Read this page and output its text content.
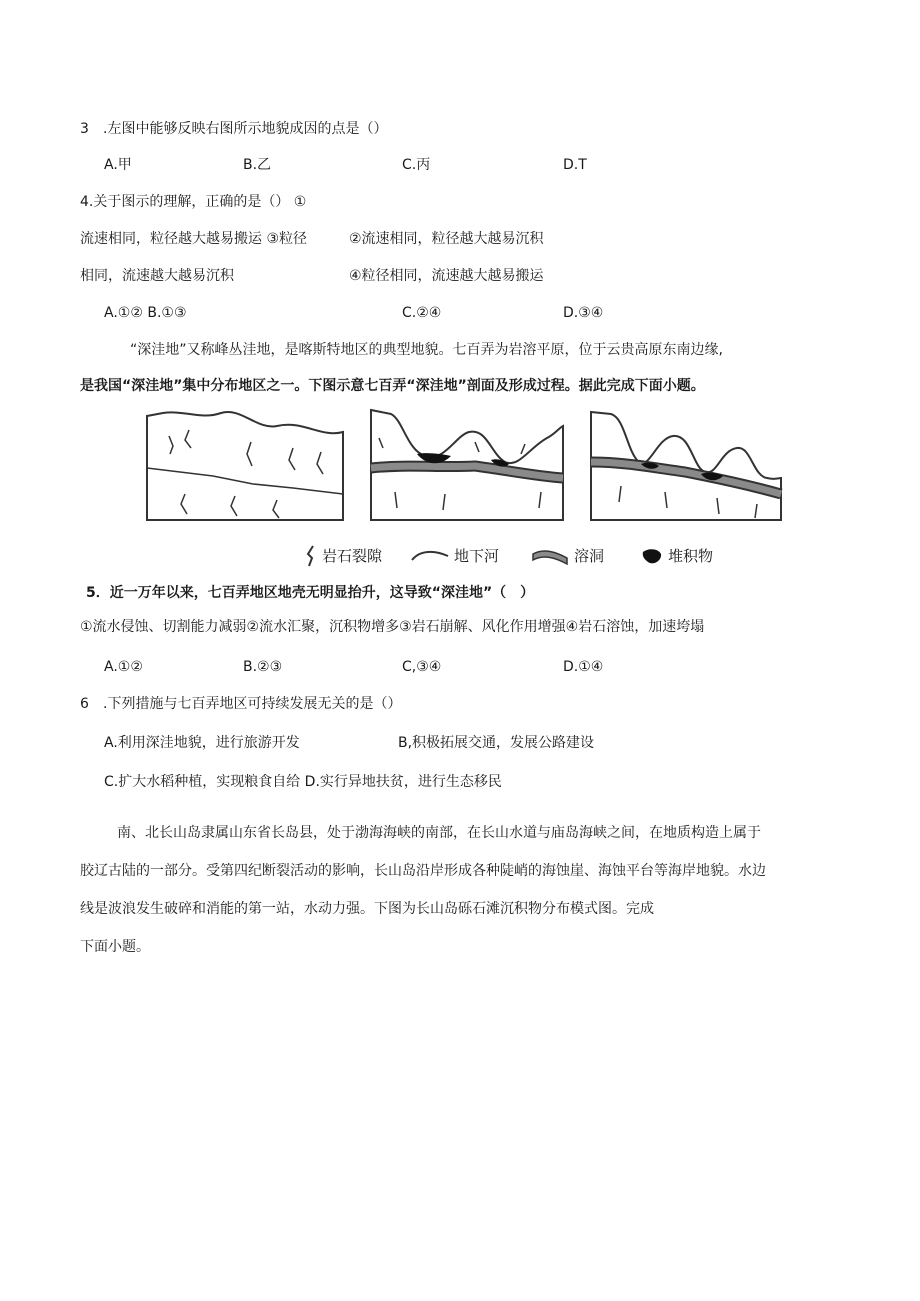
3 .左图中能够反映右图所示地貌成因的点是（）
A.甲	B.乙	C.丙	D.T
4.关于图示的理解，正确的是（） ①
流速相同，粒径越大越易搬运 ③粒径	②流速相同，粒径越大越易沉积
相同，流速越大越易沉积	④粒径相同，流速越大越易搬运
A.①② B.①③	C.②④	D.③④
“深洼地”又称峰丛洼地，是喀斯特地区的典型地貌。七百弄为岩溶平原，位于云贵高原东南边缘,
是我国“深洼地”集中分布地区之一。下图示意七百弄“深洼地”剖面及形成过程。据此完成下面小题。
岩石裂隙	地下河	溶洞	堆积物
5．近一万年以来，七百弄地区地壳无明显抬升，这导致“深洼地”（　）
①流水侵蚀、切割能力减弱②流水汇聚，沉积物增多③岩石崩解、风化作用增强④岩石溶蚀，加速垮塌
A.①②	B.②③	C,③④	D.①④
6 .下列措施与七百弄地区可持续发展无关的是（）
A.利用深洼地貌，进行旅游开发	B,积极拓展交通，发展公路建设
C.扩大水稻种植，实现粮食自给 D.实行异地扶贫，进行生态移民
南、北长山岛隶属山东省长岛县，处于渤海海峡的南部，在长山水道与庙岛海峡之间，在地质构造上属于
胶辽古陆的一部分。受第四纪断裂活动的影响，长山岛沿岸形成各种陡峭的海蚀崖、海蚀平台等海岸地貌。水边
线是波浪发生破碎和消能的第一站，水动力强。下图为长山岛砾石滩沉积物分布模式图。完成
下面小题。
